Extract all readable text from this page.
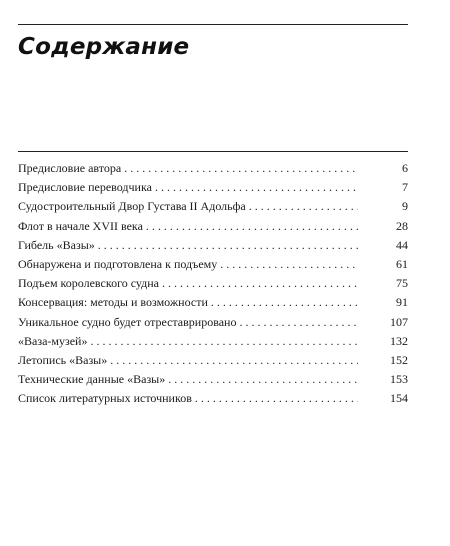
Содержание
Предисловие автора . . .	6
Предисловие переводчика . . .	7
Судостроительный Двор Густава II Адольфа . . .	9
Флот в начале XVII века . . .	28
Гибель «Вазы» . . .	44
Обнаружена и подготовлена к подъему . . .	61
Подъем королевского судна . . .	75
Консервация: методы и возможности . . .	91
Уникальное судно будет отреставрировано . . .	107
«Ваза-музей» . . .	132
Летопись «Вазы» . . .	152
Технические данные «Вазы» . . .	153
Список литературных источников . . .	154
